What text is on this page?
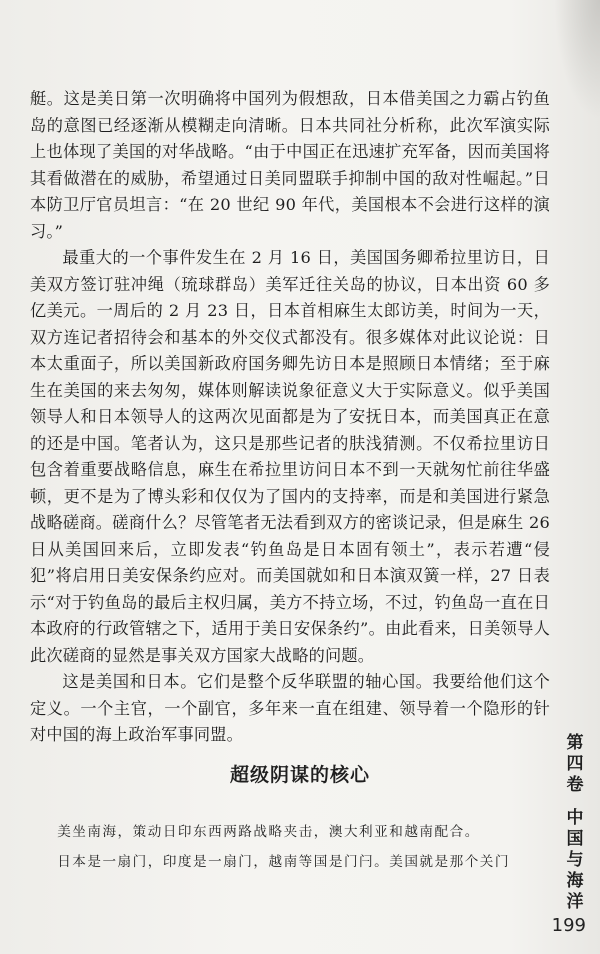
艇。这是美日第一次明确将中国列为假想敌，日本借美国之力霸占钓鱼岛的意图已经逐渐从模糊走向清晰。日本共同社分析称，此次军演实际上也体现了美国的对华战略。“由于中国正在迅速扩充军备，因而美国将其看做潜在的威胁，希望通过日美同盟联手抑制中国的敌对性崛起。”日本防卫厅官员坦言：“在 20 世纪 90 年代，美国根本不会进行这样的演习。”

最重大的一个事件发生在 2 月 16 日，美国国务卿希拉里访日，日美双方签订驻冲绳（琉球群岛）美军迁往关岛的协议，日本出资 60 多亿美元。一周后的 2 月 23 日，日本首相麻生太郎访美，时间为一天，双方连记者招待会和基本的外交仪式都没有。很多媒体对此议论说：日本太重面子，所以美国新政府国务卿先访日本是照顾日本情绪；至于麻生在美国的来去匆匆，媒体则解读说象征意义大于实际意义。似乎美国领导人和日本领导人的这两次见面都是为了安抚日本，而美国真正在意的还是中国。笔者认为，这只是那些记者的肤浅猜测。不仅希拉里访日包含着重要战略信息，麻生在希拉里访问日本不到一天就匆忙前往华盛顿，更不是为了博头彩和仅仅为了国内的支持率，而是和美国进行紧急战略磋商。磋商什么？尽管笔者无法看到双方的密谈记录，但是麻生 26 日从美国回来后，立即发表“钓鱼岛是日本固有领土”，表示若遭“侵犯”将启用日美安保条约应对。而美国就如和日本演双簧一样，27 日表示“对于钓鱼岛的最后主权归属，美方不持立场，不过，钓鱼岛一直在日本政府的行政管辖之下，适用于美日安保条约”。由此看来，日美领导人此次磋商的显然是事关双方国家大战略的问题。

这是美国和日本。它们是整个反华联盟的轴心国。我要给他们这个定义。一个主官，一个副官，多年来一直在组建、领导着一个隐形的针对中国的海上政治军事同盟。

超级阴谋的核心

美坐南海，策动日印东西两路战略夹击，澳大利亚和越南配合。

日本是一扇门，印度是一扇门，越南等国是门闩。美国就是那个关门

第四卷
中国与海洋
199
